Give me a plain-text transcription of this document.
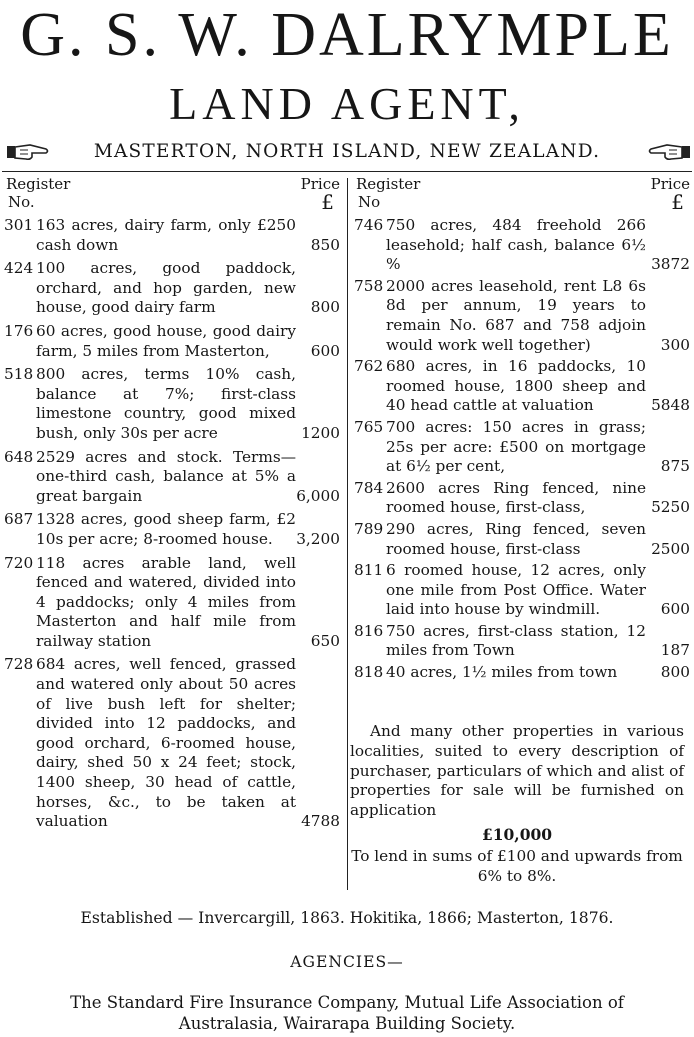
G. S. W. DALRYMPLE
LAND AGENT,
MASTERTON, NORTH ISLAND, NEW ZEALAND.
Register
No.
Price
£
301 163 acres, dairy farm, only £250 cash down	850
424 100 acres, good paddock, orchard, and hop garden, new house, good dairy farm	800
176 60 acres, good house, good dairy farm, 5 miles from Masterton,	600
518 800 acres, terms 10% cash, balance at 7%; first-class limestone country, good mixed bush, only 30s per acre	1200
648 2529 acres and stock. Terms—one-third cash, balance at 5% a great bargain	6,000
687 1328 acres, good sheep farm, £2 10s per acre; 8-roomed house.	3,200
720 118 acres arable land, well fenced and watered, divided into 4 paddocks; only 4 miles from Masterton and half mile from railway station	650
728 684 acres, well fenced, grassed and watered only about 50 acres of live bush left for shelter; divided into 12 paddocks, and good orchard, 6-roomed house, dairy, shed 50 x 24 feet; stock, 1400 sheep, 30 head of cattle, horses, &c., to be taken at valuation	4788
Register
No
Price
£
746 750 acres, 484 freehold 266 leasehold; half cash, balance 6½ %	3872
758 2000 acres leasehold, rent L8 6s 8d per annum, 19 years to remain No. 687 and 758 adjoin would work well together)	300
762 680 acres, in 16 paddocks, 10 roomed house, 1800 sheep and 40 head cattle at valuation	5848
765 700 acres: 150 acres in grass; 25s per acre: £500 on mortgage at 6½ per cent,	875
784 2600 acres Ring fenced, nine roomed house, first-class,	5250
789 290 acres, Ring fenced, seven roomed house, first-class	2500
811 6 roomed house, 12 acres, only one mile from Post Office. Water laid into house by windmill.	600
816 750 acres, first-class station, 12 miles from Town	187
818 40 acres, 1½ miles from town	800

And many other properties in various localities, suited to every description of purchaser, particulars of which and alist of properties for sale will be furnished on application

£10,000

To lend in sums of £100 and upwards from 6% to 8%.

Established — Invercargill, 1863. Hokitika, 1866; Masterton, 1876.
AGENCIES—
The Standard Fire Insurance Company, Mutual Life Association of Australasia, Wairarapa Building Society.
